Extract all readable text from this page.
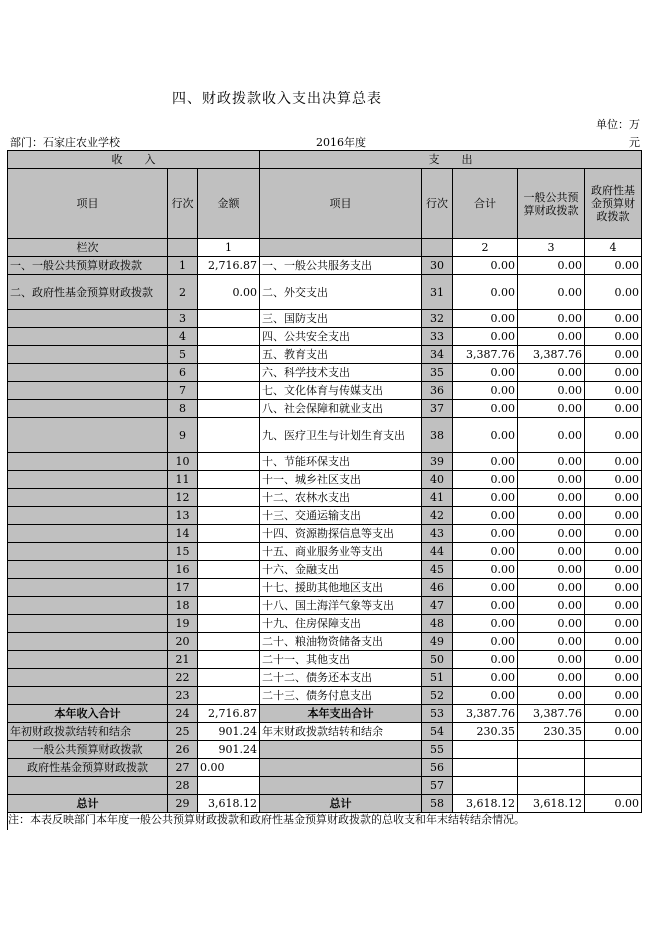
四、财政拨款收入支出决算总表
单位：万
部门：石家庄农业学校	2016年度	元
收　　入			支　　出				
项目	行次	金额	项目	行次	合计	一般公共预算财政拨款	政府性基金预算财政拨款
栏次		1			2	3	4
一、一般公共预算财政拨款	1	2,716.87	一、一般公共服务支出	30	0.00	0.00	0.00
二、政府性基金预算财政拨款	2	0.00	二、外交支出	31	0.00	0.00	0.00
	3		三、国防支出	32	0.00	0.00	0.00
	4		四、公共安全支出	33	0.00	0.00	0.00
	5		五、教育支出	34	3,387.76	3,387.76	0.00
	6		六、科学技术支出	35	0.00	0.00	0.00
	7		七、文化体育与传媒支出	36	0.00	0.00	0.00
	8		八、社会保障和就业支出	37	0.00	0.00	0.00
	9		九、医疗卫生与计划生育支出	38	0.00	0.00	0.00
	10		十、节能环保支出	39	0.00	0.00	0.00
	11		十一、城乡社区支出	40	0.00	0.00	0.00
	12		十二、农林水支出	41	0.00	0.00	0.00
	13		十三、交通运输支出	42	0.00	0.00	0.00
	14		十四、资源勘探信息等支出	43	0.00	0.00	0.00
	15		十五、商业服务业等支出	44	0.00	0.00	0.00
	16		十六、金融支出	45	0.00	0.00	0.00
	17		十七、援助其他地区支出	46	0.00	0.00	0.00
	18		十八、国土海洋气象等支出	47	0.00	0.00	0.00
	19		十九、住房保障支出	48	0.00	0.00	0.00
	20		二十、粮油物资储备支出	49	0.00	0.00	0.00
	21		二十一、其他支出	50	0.00	0.00	0.00
	22		二十二、债务还本支出	51	0.00	0.00	0.00
	23		二十三、债务付息支出	52	0.00	0.00	0.00
本年收入合计	24	2,716.87	本年支出合计	53	3,387.76	3,387.76	0.00
年初财政拨款结转和结余	25	901.24	年末财政拨款结转和结余	54	230.35	230.35	0.00
一般公共预算财政拨款	26	901.24		55			
政府性基金预算财政拨款	27	0.00		56			
	28			57			
总计	29	3,618.12	总计	58	3,618.12	3,618.12	0.00
注：本表反映部门本年度一般公共预算财政拨款和政府性基金预算财政拨款的总收支和年末结转结余情况。
